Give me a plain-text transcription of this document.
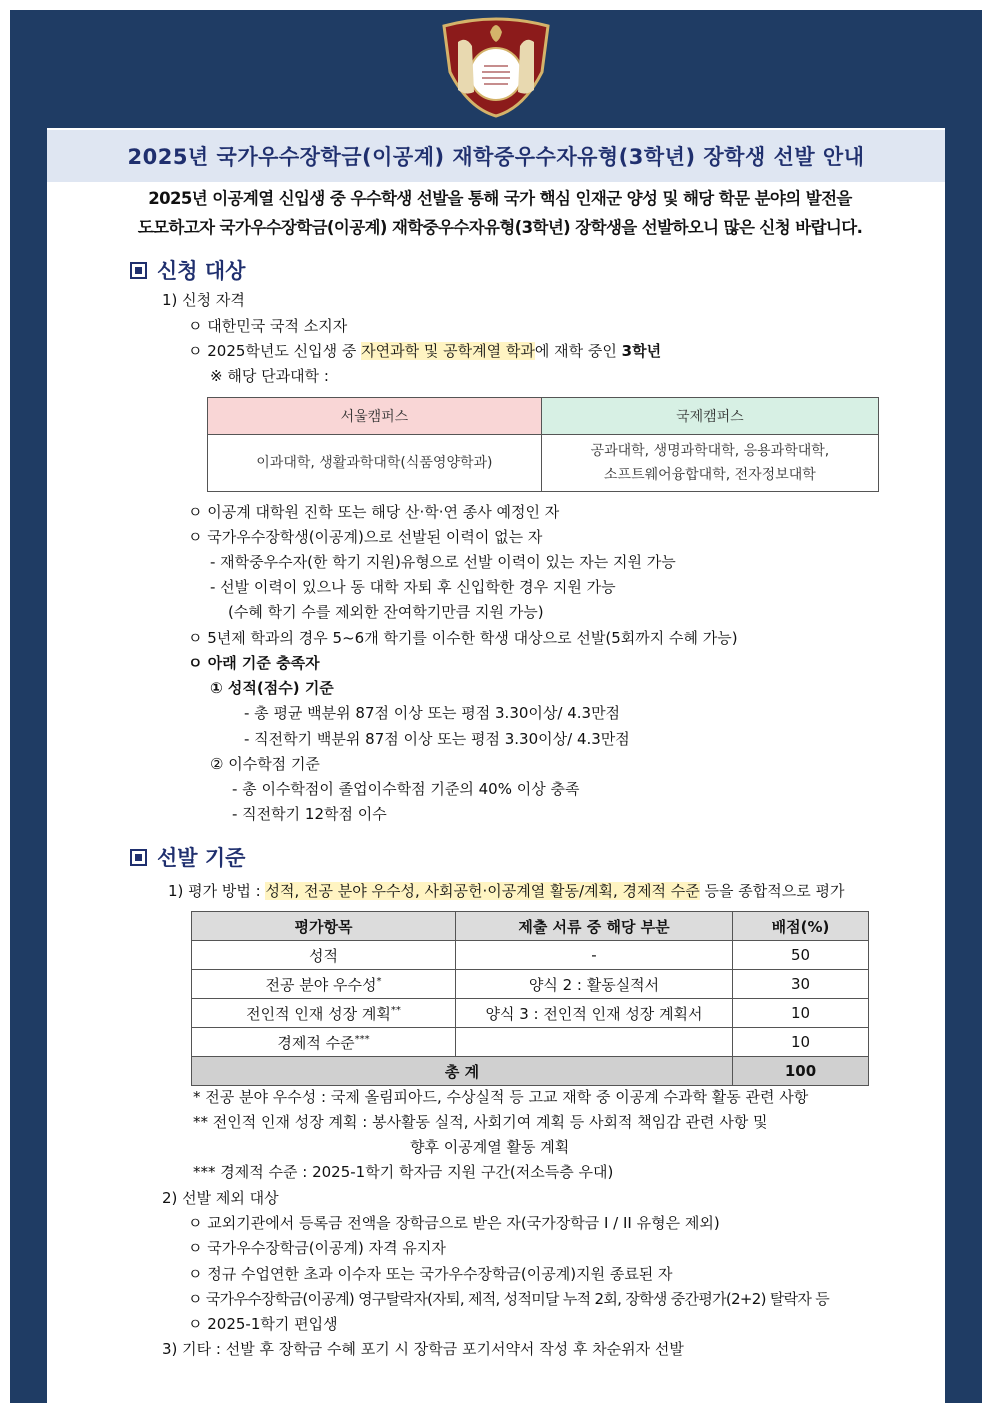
2025년 국가우수장학금(이공계) 재학중우수자유형(3학년) 장학생 선발 안내
2025년 이공계열 신입생 중 우수학생 선발을 통해 국가 핵심 인재군 양성 및 해당 학문 분야의 발전을
도모하고자 국가우수장학금(이공계) 재학중우수자유형(3학년) 장학생을 선발하오니 많은 신청 바랍니다.
신청 대상
1) 신청 자격
ㅇ 대한민국 국적 소지자
ㅇ 2025학년도 신입생 중 자연과학 및 공학계열 학과에 재학 중인 3학년
※ 해당 단과대학 :
서울캠퍼스	국제캠퍼스
이과대학, 생활과학대학(식품영양학과)	공과대학, 생명과학대학, 응용과학대학,
소프트웨어융합대학, 전자정보대학
ㅇ 이공계 대학원 진학 또는 해당 산·학·연 종사 예정인 자
ㅇ 국가우수장학생(이공계)으로 선발된 이력이 없는 자
- 재학중우수자(한 학기 지원)유형으로 선발 이력이 있는 자는 지원 가능
- 선발 이력이 있으나 동 대학 자퇴 후 신입학한 경우 지원 가능
(수혜 학기 수를 제외한 잔여학기만큼 지원 가능)
ㅇ 5년제 학과의 경우 5~6개 학기를 이수한 학생 대상으로 선발(5회까지 수혜 가능)
ㅇ 아래 기준 충족자
① 성적(점수) 기준
- 총 평균 백분위 87점 이상 또는 평점 3.30이상/ 4.3만점
- 직전학기 백분위 87점 이상 또는 평점 3.30이상/ 4.3만점
② 이수학점 기준
- 총 이수학점이 졸업이수학점 기준의 40% 이상 충족
- 직전학기 12학점 이수
선발 기준
1) 평가 방법 : 성적, 전공 분야 우수성, 사회공헌·이공계열 활동/계획, 경제적 수준 등을 종합적으로 평가
평가항목	제출 서류 중 해당 부분	배점(%)
성적	-	50
전공 분야 우수성*	양식 2 : 활동실적서	30
전인적 인재 성장 계획**	양식 3 : 전인적 인재 성장 계획서	10
경제적 수준***		10
총 계		100
* 전공 분야 우수성 : 국제 올림피아드, 수상실적 등 고교 재학 중 이공계 수과학 활동 관련 사항
** 전인적 인재 성장 계획 : 봉사활동 실적, 사회기여 계획 등 사회적 책임감 관련 사항 및
향후 이공계열 활동 계획
*** 경제적 수준 : 2025-1학기 학자금 지원 구간(저소득층 우대)
2) 선발 제외 대상
ㅇ 교외기관에서 등록금 전액을 장학금으로 받은 자(국가장학금 I / II 유형은 제외)
ㅇ 국가우수장학금(이공계) 자격 유지자
ㅇ 정규 수업연한 초과 이수자 또는 국가우수장학금(이공계)지원 종료된 자
ㅇ 국가우수장학금(이공계) 영구탈락자(자퇴, 제적, 성적미달 누적 2회, 장학생 중간평가(2+2) 탈락자 등
ㅇ 2025-1학기 편입생
3) 기타 : 선발 후 장학금 수혜 포기 시 장학금 포기서약서 작성 후 차순위자 선발
